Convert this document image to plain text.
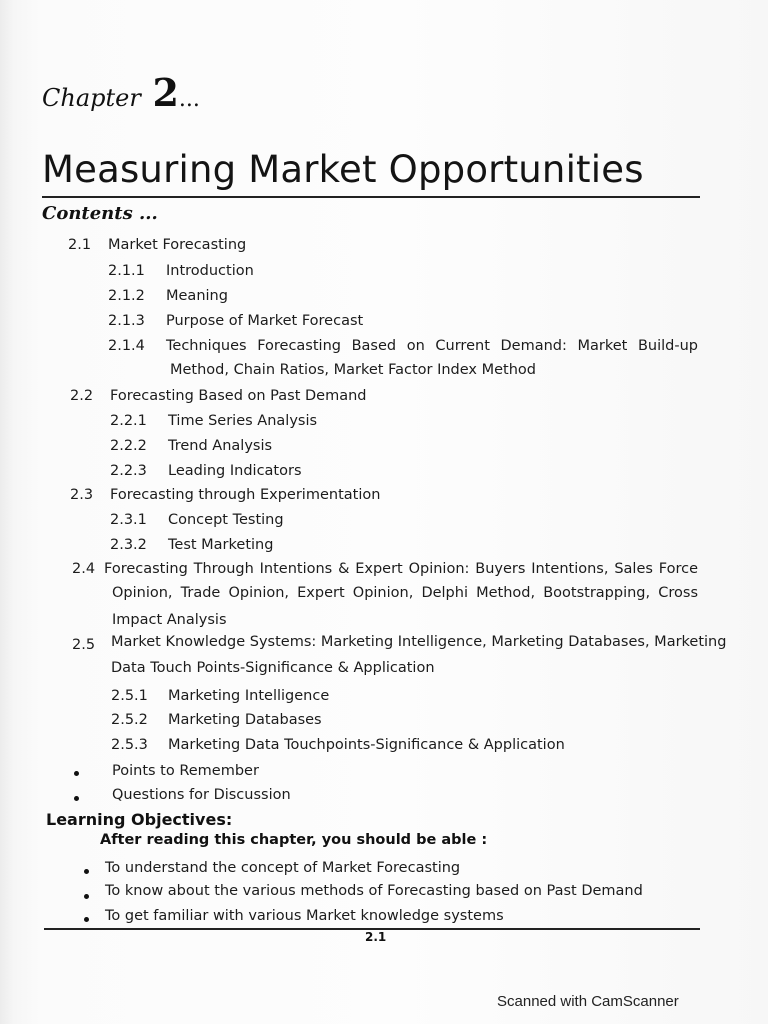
Chapter 2...
Measuring Market Opportunities
Contents ...
2.1 Market Forecasting
2.1.1 Introduction
2.1.2 Meaning
2.1.3 Purpose of Market Forecast
2.1.4	Techniques Forecasting Based on Current Demand: Market Build-up
Method, Chain Ratios, Market Factor Index Method
2.2 Forecasting Based on Past Demand
2.2.1 Time Series Analysis
2.2.2 Trend Analysis
2.2.3 Leading Indicators
2.3 Forecasting through Experimentation
2.3.1 Concept Testing
2.3.2 Test Marketing
2.4 Forecasting Through Intentions & Expert Opinion: Buyers Intentions, Sales Force
Opinion, Trade Opinion, Expert Opinion, Delphi Method, Bootstrapping, Cross
Impact Analysis
2.5 Market Knowledge Systems: Marketing Intelligence, Marketing Databases, Marketing
Data Touch Points-Significance & Application
2.5.1 Marketing Intelligence
2.5.2 Marketing Databases
2.5.3 Marketing Data Touchpoints-Significance & Application
Points to Remember
Questions for Discussion
Learning Objectives:
After reading this chapter, you should be able :
To understand the concept of Market Forecasting
To know about the various methods of Forecasting based on Past Demand
To get familiar with various Market knowledge systems
2.1
Scanned with CamScanner
